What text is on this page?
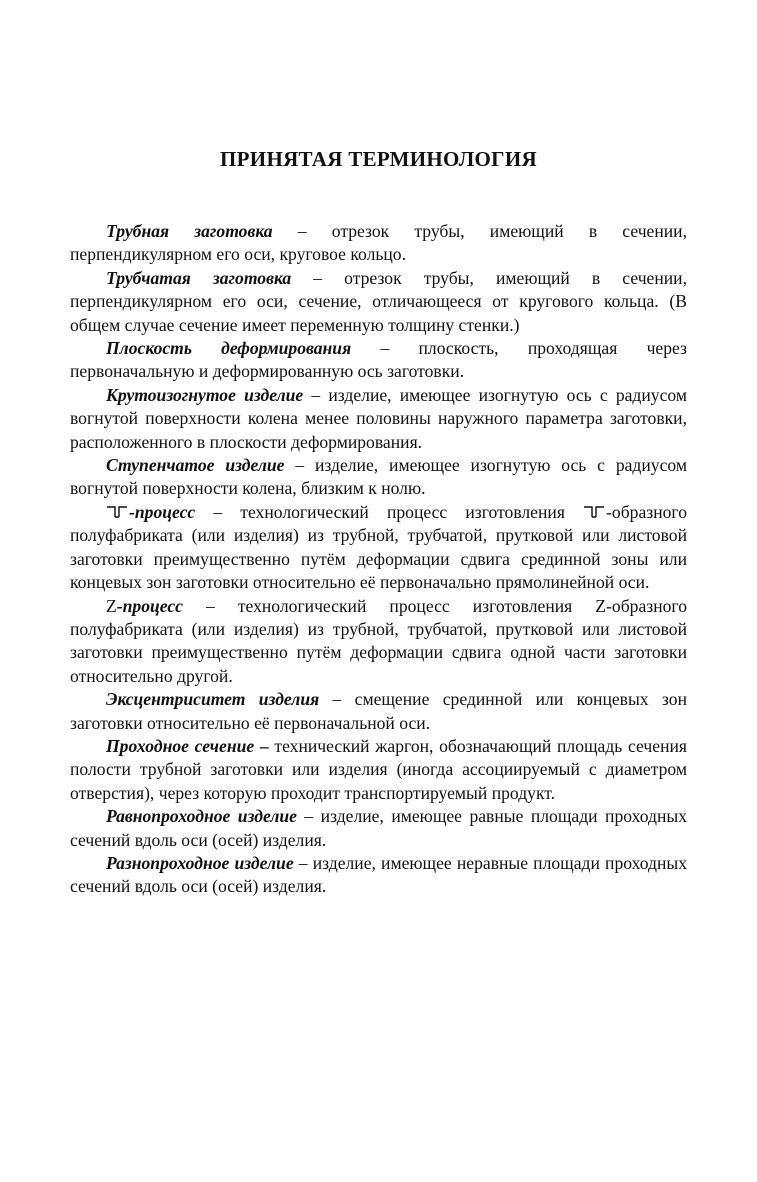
ПРИНЯТАЯ ТЕРМИНОЛОГИЯ

Трубная заготовка – отрезок трубы, имеющий в сечении, перпендикулярном его оси, круговое кольцо.

Трубчатая заготовка – отрезок трубы, имеющий в сечении, перпендикулярном его оси, сечение, отличающееся от кругового кольца. (В общем случае сечение имеет переменную толщину стенки.)

Плоскость деформирования – плоскость, проходящая через первоначальную и деформированную ось заготовки.

Крутоизогнутое изделие – изделие, имеющее изогнутую ось с радиусом вогнутой поверхности колена менее половины наружного параметра заготовки, расположенного в плоскости деформирования.

Ступенчатое изделие – изделие, имеющее изогнутую ось с радиусом вогнутой поверхности колена, близким к нолю.

-процесс – технологический процесс изготовления -образного полуфабриката (или изделия) из трубной, трубчатой, прутковой или листовой заготовки преимущественно путём деформации сдвига срединной зоны или концевых зон заготовки относительно её первоначально прямолинейной оси.

Z-процесс – технологический процесс изготовления Z-образного полуфабриката (или изделия) из трубной, трубчатой, прутковой или листовой заготовки преимущественно путём деформации сдвига одной части заготовки относительно другой.

Эксцентриситет изделия – смещение срединной или концевых зон заготовки относительно её первоначальной оси.

Проходное сечение – технический жаргон, обозначающий площадь сечения полости трубной заготовки или изделия (иногда ассоциируемый с диаметром отверстия), через которую проходит транспортируемый продукт.

Равнопроходное изделие – изделие, имеющее равные площади проходных сечений вдоль оси (осей) изделия.

Разнопроходное изделие – изделие, имеющее неравные площади проходных сечений вдоль оси (осей) изделия.
